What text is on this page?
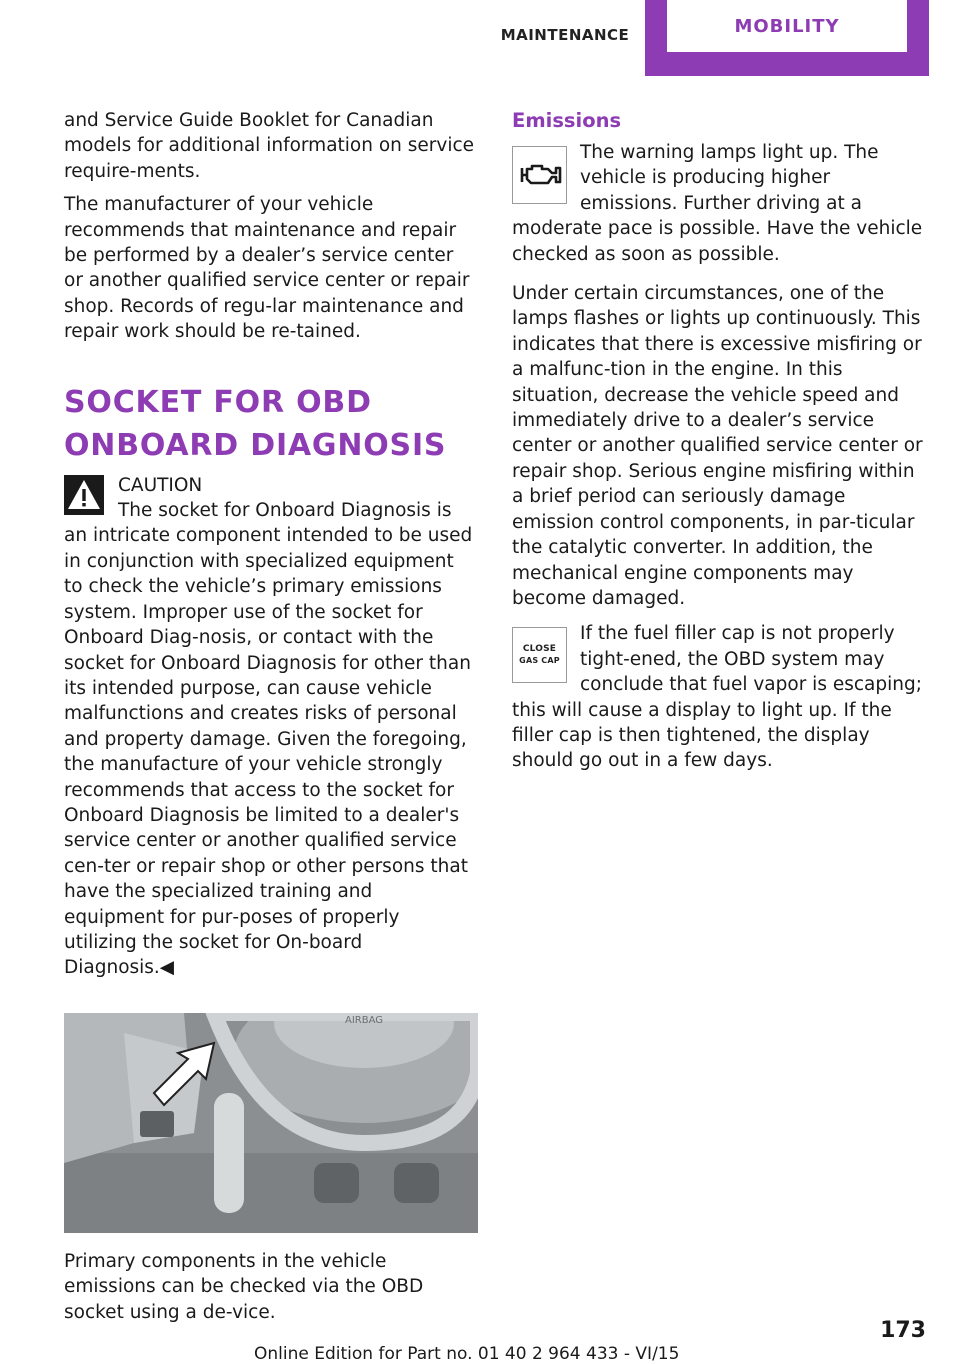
MAINTENANCE	MOBILITY

and Service Guide Booklet for Canadian models for additional information on service require‐ments.

The manufacturer of your vehicle recommends that maintenance and repair be performed by a dealer’s service center or another qualified service center or repair shop. Records of regu‐lar maintenance and repair work should be re‐tained.

SOCKET FOR OBD ONBOARD DIAGNOSIS
CAUTION
The socket for Onboard Diagnosis is an intricate component intended to be used in conjunction with specialized equipment to check the vehicle’s primary emissions system. Improper use of the socket for Onboard Diag‐nosis, or contact with the socket for Onboard Diagnosis for other than its intended purpose, can cause vehicle malfunctions and creates risks of personal and property damage. Given the foregoing, the manufacture of your vehicle strongly recommends that access to the socket for Onboard Diagnosis be limited to a dealer's service center or another qualified service cen‐ter or repair shop or other persons that have the specialized training and equipment for pur‐poses of properly utilizing the socket for On‐board Diagnosis.◀
AIRBAG

Primary components in the vehicle emissions can be checked via the OBD socket using a de‐vice.

Emissions

The warning lamps light up. The vehicle is producing higher emissions. Further driving at a moderate pace is possible. Have the vehicle checked as soon as possible.

Under certain circumstances, one of the lamps flashes or lights up continuously. This indicates that there is excessive misfiring or a malfunc‐tion in the engine. In this situation, decrease the vehicle speed and immediately drive to a dealer’s service center or another qualified service center or repair shop. Serious engine misfiring within a brief period can seriously damage emission control components, in par‐ticular the catalytic converter. In addition, the mechanical engine components may become damaged.

CLOSE
GAS CAP

If the fuel filler cap is not properly tight‐ened, the OBD system may conclude that fuel vapor is escaping; this will cause a display to light up. If the filler cap is then tightened, the display should go out in a few days.

173
Online Edition for Part no. 01 40 2 964 433 - VI/15
